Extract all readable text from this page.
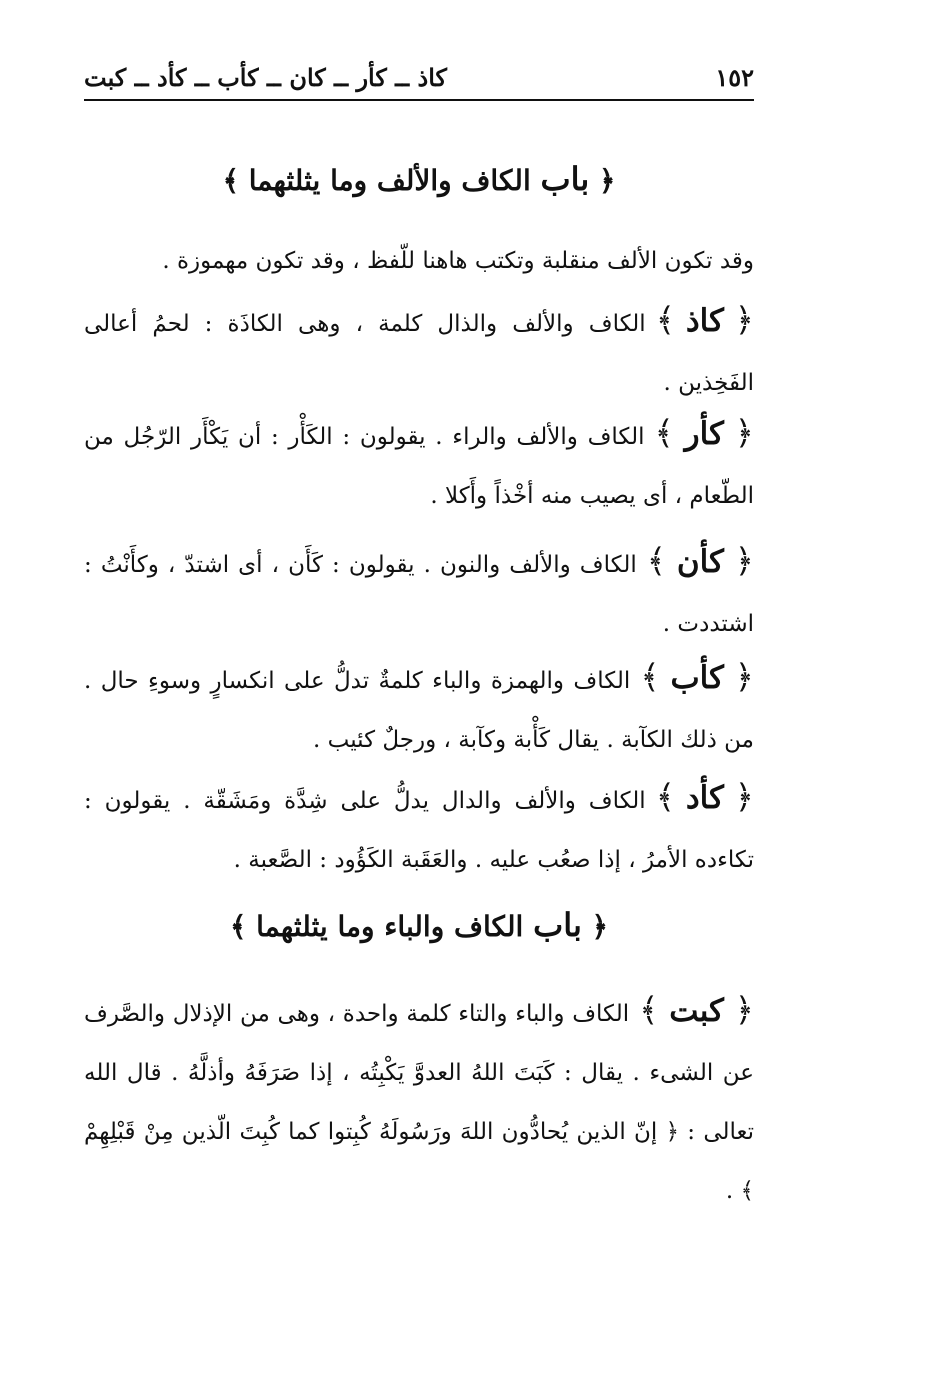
١٥٢
كاذ ــ كأر ــ كان ــ كأب ــ كأد ــ كبت
﴿ باب الكاف والألف وما يثلثهما ﴾
وقد تكون الألف منقلبة وتكتب هاهنا للّفظ ، وقد تكون مهموزة .
﴿ كاذ ﴾الكاف والألف والذال كلمة ، وهى الكاذَة : لحمُ أعالى الفَخِذين .
﴿ كأر ﴾الكاف والألف والراء . يقولون : الكَأْر : أن يَكْأَر الرّجُل من الطّعام ، أى يصيب منه أخْذاً وأَكلا .
﴿ كأن ﴾الكاف والألف والنون . يقولون : كَأَن ، أى اشتدّ ، وكأَنْتُ : اشتددت .
﴿ كأب ﴾الكاف والهمزة والباء كلمةٌ تدلُّ على انكسارٍ وسوءِ حال . من ذلك الكآبة . يقال كَأْبة وكآبة ، ورجلٌ كئيب .
﴿ كأد ﴾الكاف والألف والدال يدلُّ على شِدَّة ومَشَقّة . يقولون : تكاءده الأمرُ ، إذا صعُب عليه . والعَقَبة الكَؤُود : الصَّعبة .
﴿ باب الكاف والباء وما يثلثهما ﴾
﴿ كبت ﴾الكاف والباء والتاء كلمة واحدة ، وهى من الإذلال والصَّرف عن الشىء . يقال : كَبَتَ اللهُ العدوَّ يَكْبِتُه ، إذا صَرَفَهُ وأذلَّهُ . قال الله تعالى : ﴿ إنّ الذين يُحادُّون اللهَ ورَسُولَهُ كُبِتوا كما كُبِتَ الّذين مِنْ قَبْلِهِمْ ﴾ .
